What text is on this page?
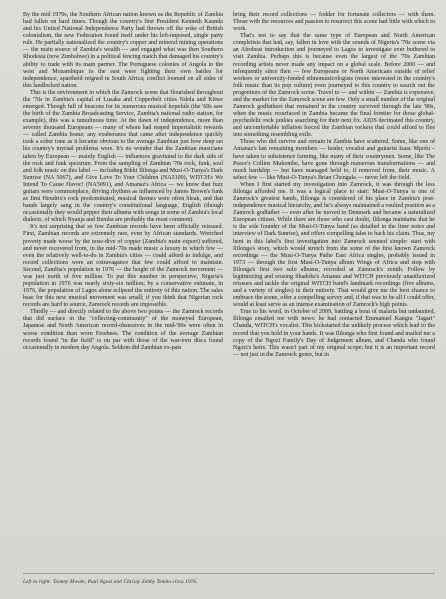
By the mid 1970s, the Southern African nation known as the Republic of Zambia had fallen on hard times. Though the country's first President Kenneth Kaunda and his United National Independence Party had thrown off the yoke of British colonialism, the new Federation found itself under his left-imposed, single party rule. He partially nationalized the country's copper and mineral mining operations — the main source of Zambia's wealth — and engaged what was then Southern Rhodesia (now Zimbabwe) in a political fencing match that damaged his country's ability to trade with its main partner. The Portuguese colonies of Angola to the west and Mozambique to the east were fighting their own battles for independence; apartheid reigned in South Africa; conflict loomed on all sides of this landlocked nation.

This is the environment in which the Zamrock scene that flourished throughout the '70s in Zambia's capital of Lusaka and Copperbelt cities Ndola and Kitwe emerged. Though full of beacons for its numerous musical hopefuls (the '60s saw the birth of the Zambia Broadcasting Service, Zambia's national radio station, for example), this was a tumultuous time. At the dawn of independence, more than seventy thousand Europeans — many of whom had reaped imperialistic rewards — called Zambia home; any exuberance that came after independence quickly took a sober tone as it became obvious to the average Zambian just how deep set his country's myriad problems were. It's no wonder that the Zambian musicians taken by European — mainly English — influences gravitated to the dark side of the rock and funk spectrum. From the sampling of Zambian '70s rock, funk, soul and folk music on this label — including Rikki Ililonga and Musi-O-Tunya's Dark Sunrise (NA 5067), and Give Love To Your Children (NA5109), WITCH's We Intend To Cause Havoc! (NA5091), and Amanaz's Africa — we know that fuzz guitars were commonplace, driving rhythms as influenced by James Brown's funk as Jimi Hendrix's rock predominated, musical themes were often bleak, and that bands largely sang in the country's constitutional language, English (though occasionally they would pepper their albums with songs in some of Zambia's local dialects, of which Nyanja and Bemba are probably the most common).

It's not surprising that so few Zambian records have been officially reissued. First, Zambian records are extremely rare, even by African standards. Wretched poverty made worse by the nose-dive of copper (Zambia's main export) suffered, and never recovered from, in the mid-'70s made music a luxury in which few — even the relatively well-to-do in Zambia's cities — could afford to indulge, and record collections were an extravagance that few could afford to maintain. Second, Zambia's population in 1976 — the height of the Zamrock movement — was just north of five million. To put this number in perspective, Nigeria's population in 1976 was nearly sixty-six million; by a conservative estimate, in 1976, the population of Lagos alone eclipsed the entirety of this nation. The sales base for this new musical movement was small; if you think that Nigerian rock records are hard to source, Zamrock records are impossible.

Thirdly — and directly related to the above two points — the Zamrock records that did surface in the "collecting-community" of the moneyed European, Japanese and North American record-obsessives in the mid-'90s were often in worse condition than worn Freebees. The condition of the average Zambian records found "in the field" is on par with those of the war-torn discs found occasionally in modern day Angola. Seldom did Zambian ex-pats

bring their record collections — fodder for fortunate collectors — with them. Those with the resources and passion to resurrect this scene had little with which to work.

That's not to say that the same type of European and North American completists that had, say, fallen in love with the sounds of Nigeria's '70s scene via an Afrobeat introduction and journeyed to Lagos to investigate ever bothered to visit Zambia. Perhaps this is because even the largest of the '70s Zambian recording artists never made any impact on a global scale. Before 2000 — and infrequently since then — few Europeans or North Americans outside of relief workers or university-funded ethnomusicologists (more interested in the country's folk music than its pop culture) even journeyed to this country to search out the progenitors of the Zamrock scene. Travel to — and within — Zambia is expensive, and the market for the Zamrock scene are few. Only a small number of the original Zamrock godfathers that remained in the country survived through the late '90s, when the music resurfaced in Zambia became the final frontier for those global-psychedelic rock junkies searching for their next fix. AIDS decimated this country, and uncomfortable inflation forced the Zambian rockers that could afford to flee into something resembling exile.

Those who did survive and remain in Zambia have scattered. Some, like one of Amanaz's last remaining members — leader, vocalist and guitarist Isaac Mpofu – have taken to subsistence farming, like many of their countrymen. Some, like The Peace's Collins Mukombe, have gone through numerous transformations — and much hardship — but have managed hold to, if removed from, their music. A select few — like Musi-O-Tunya's Brian Chengala — never left the field.

When I first started my investigation into Zamrock, it was through the less Ililonga afforded me. It was a logical place to start: Musi-O-Tunya is one of Zamrock's greatest bands, Ililonga is considered of his place in Zambia's post-independence musical hierarchy, and he's always maintained a vaulted position as a Zamrock godfather — even after he moved to Denmark and became a naturalized European citizen. While there are those who cast doubt, Ililonga maintains that he is the sole founder of the Musi-O-Tunya band (as detailed in the liner notes and interview of Dark Sunrise), and offers compelling tales to back his claim. Thus, my bent in this label's first investigation into Zamrock seemed simple: start with Ililonga's story, which would stretch from the some of the first known Zamrock recordings — the Musi-O-Tunya Pathe East Africa singles, probably issued in 1973 — through the first Musi-O-Tunya album Wings of Africa and stop with Ililonga's first two solo albums, recorded at Zamrock's zenith. Follow by legitimizing and reusing Shadoks's Amanaz and WITCH previously unauthorized reissues and tackle the original WITCH band's landmark recordings (five albums, and a variety of singles) in their entirety. That would give me the best chance to embrace the scene, offer a compelling survey and, if that was to be all I could offer, would at least serve as an intense examination of Zamrock's high points.

True to his word, in October of 2009, battling a bout of malaria but undaunted, Ililonga emailed me with news: he had contacted Emmanuel Kangra "Jagari" Chanda, WITCH's vocalist. This kickstarted the unlikely process which lead to the record that you hold in your hands. It was Ililonga who first found and mailed me a copy of the Ngozi Family's Day of Judgement album, and Chanda who found Ngozi's heirs. This wasn't part of my original scope; but it is an important record — not just in the Zamrock genre, but in

Left to right: Tommy Mwale, Paul Ngozi and Chrissy Zebby Tembo circa 1976.
